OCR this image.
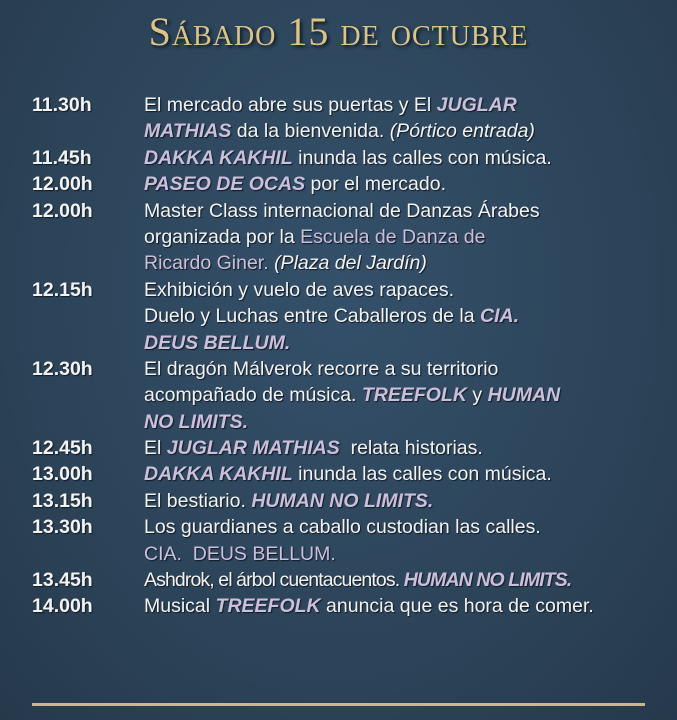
Sábado 15 de octubre
11.30h	El mercado abre sus puertas y El JUGLAR
MATHIAS da la bienvenida. (Pórtico entrada)
11.45h	DAKKA KAKHIL inunda las calles con música.
12.00h	PASEO DE OCAS por el mercado.
12.00h	Master Class internacional de Danzas Árabes
organizada por la Escuela de Danza de
Ricardo Giner. (Plaza del Jardín)
12.15h	Exhibición y vuelo de aves rapaces.
Duelo y Luchas entre Caballeros de la CIA.
DEUS BELLUM.
12.30h	El dragón Málverok recorre a su territorio
acompañado de música. TREEFOLK y HUMAN
NO LIMITS.
12.45h	El JUGLAR MATHIAS  relata historias.
13.00h	DAKKA KAKHIL inunda las calles con música.
13.15h	El bestiario. HUMAN NO LIMITS.
13.30h	Los guardianes a caballo custodian las calles.
CIA.  DEUS BELLUM.
13.45h	Ashdrok, el árbol cuentacuentos. HUMAN NO LIMITS.
14.00h	Musical TREEFOLK anuncia que es hora de comer.
